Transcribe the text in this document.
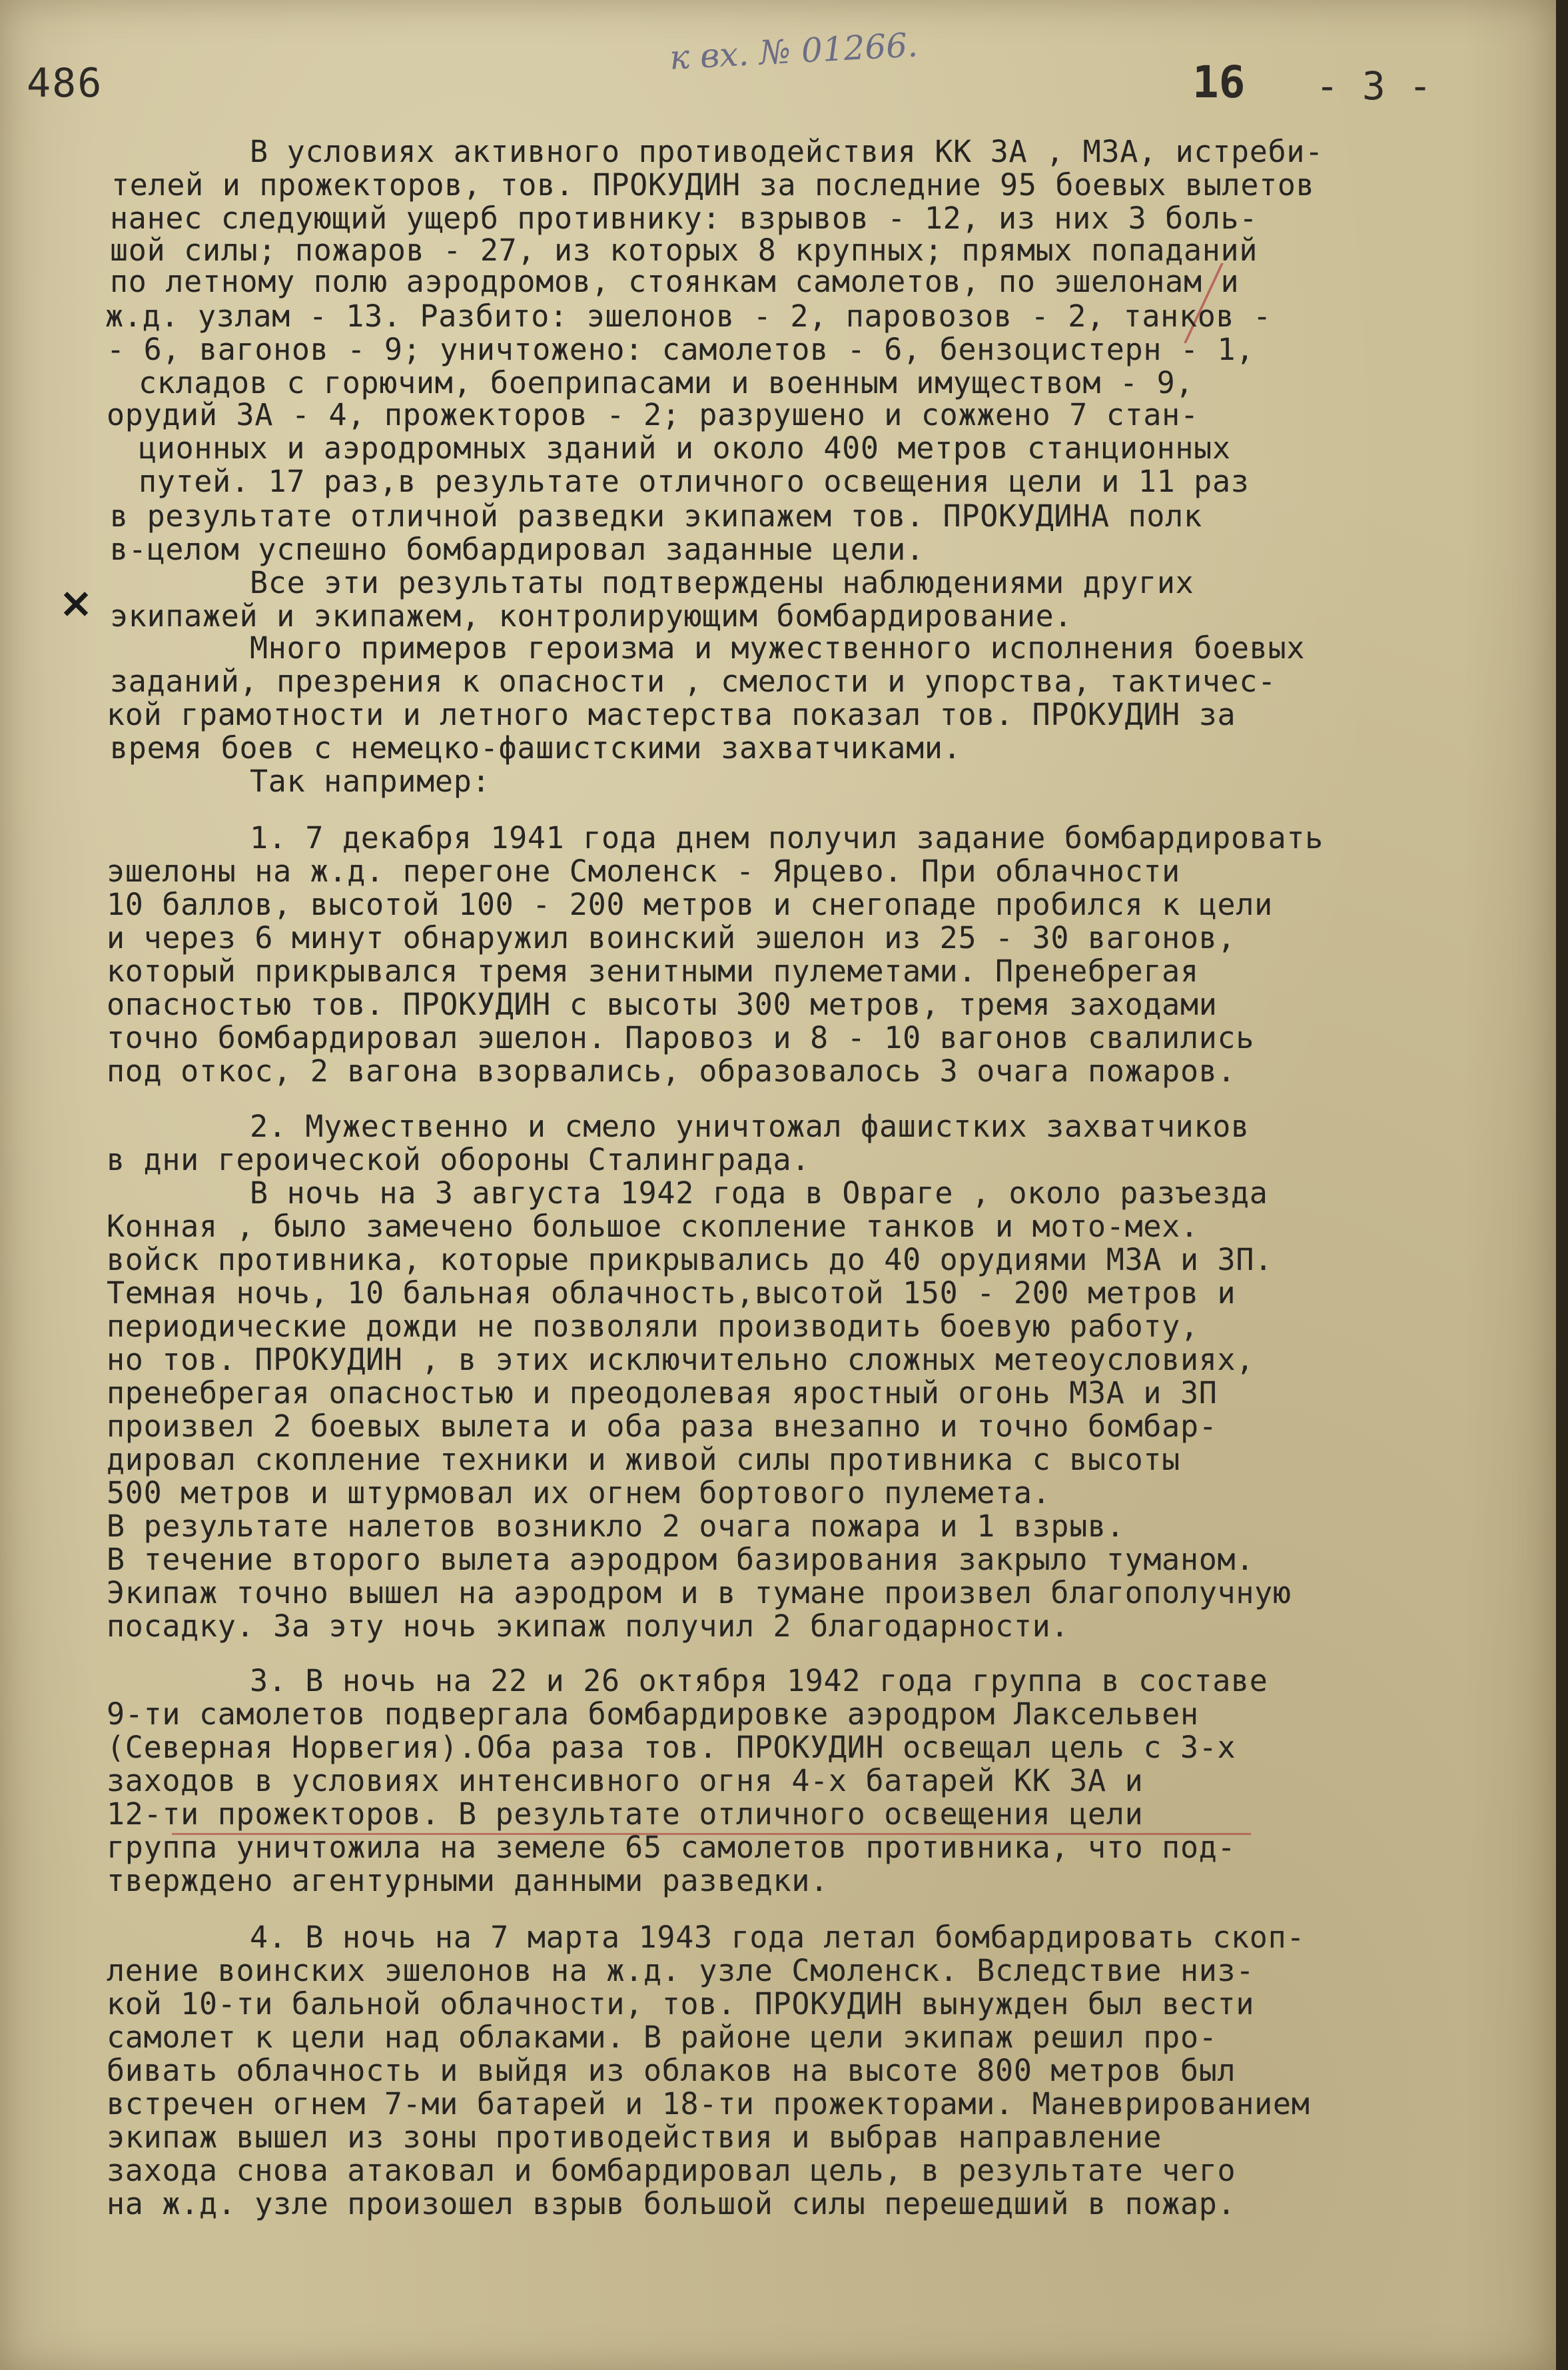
486
к вх. № 01266.
16 - 3 -
×
В условиях активного противодействия КК ЗА , МЗА, истреби-
телей и прожекторов, тов. ПРОКУДИН за последние 95 боевых вылетов
нанес следующий ущерб противнику: взрывов - 12, из них 3 боль-
шой силы; пожаров - 27, из которых 8 крупных; прямых попаданий
по летному полю аэродромов, стоянкам самолетов, по эшелонам и
ж.д. узлам - 13. Разбито: эшелонов - 2, паровозов - 2, танков -
- 6, вагонов - 9; уничтожено: самолетов - 6, бензоцистерн - 1,
складов с горючим, боеприпасами и военным имуществом - 9,
орудий ЗА - 4, прожекторов - 2; разрушено и сожжено 7 стан-
ционных и аэродромных зданий и около 400 метров станционных
путей. 17 раз,в результате отличного освещения цели и 11 раз
в результате отличной разведки экипажем тов. ПРОКУДИНА полк
в-целом успешно бомбардировал заданные цели.
Все эти результаты подтверждены наблюдениями других
экипажей и экипажем, контролирующим бомбардирование.
Много примеров героизма и мужественного исполнения боевых
заданий, презрения к опасности , смелости и упорства, тактичес-
кой грамотности и летного мастерства показал тов. ПРОКУДИН за
время боев с немецко-фашистскими захватчиками.
Так например:
1. 7 декабря 1941 года днем получил задание бомбардировать
эшелоны на ж.д. перегоне Смоленск - Ярцево. При облачности
10 баллов, высотой 100 - 200 метров и снегопаде пробился к цели
и через 6 минут обнаружил воинский эшелон из 25 - 30 вагонов,
который прикрывался тремя зенитными пулеметами. Пренебрегая
опасностью тов. ПРОКУДИН с высоты 300 метров, тремя заходами
точно бомбардировал эшелон. Паровоз и 8 - 10 вагонов свалились
под откос, 2 вагона взорвались, образовалось 3 очага пожаров.
2. Мужественно и смело уничтожал фашистких захватчиков
в дни героической обороны Сталинграда.
В ночь на 3 августа 1942 года в Овраге , около разъезда
Конная , было замечено большое скопление танков и мото-мех.
войск противника, которые прикрывались до 40 орудиями МЗА и ЗП.
Темная ночь, 10 бальная облачность,высотой 150 - 200 метров и
периодические дожди не позволяли производить боевую работу,
но тов. ПРОКУДИН , в этих исключительно сложных метеоусловиях,
пренебрегая опасностью и преодолевая яростный огонь МЗА и ЗП
произвел 2 боевых вылета и оба раза внезапно и точно бомбар-
дировал скопление техники и живой силы противника с высоты
500 метров и штурмовал их огнем бортового пулемета.
В результате налетов возникло 2 очага пожара и 1 взрыв.
В течение второго вылета аэродром базирования закрыло туманом.
Экипаж точно вышел на аэродром и в тумане произвел благополучную
посадку. За эту ночь экипаж получил 2 благодарности.
3. В ночь на 22 и 26 октября 1942 года группа в составе
9-ти самолетов подвергала бомбардировке аэродром Лаксельвен
(Северная Норвегия).Оба раза тов. ПРОКУДИН освещал цель с 3-х
заходов в условиях интенсивного огня 4-х батарей КК ЗА и
12-ти прожекторов. В результате отличного освещения цели
группа уничтожила на земеле 65 самолетов противника, что под-
тверждено агентурными данными разведки.
4. В ночь на 7 марта 1943 года летал бомбардировать скоп-
ление воинских эшелонов на ж.д. узле Смоленск. Вследствие низ-
кой 10-ти бальной облачности, тов. ПРОКУДИН вынужден был вести
самолет к цели над облаками. В районе цели экипаж решил про-
бивать облачность и выйдя из облаков на высоте 800 метров был
встречен огнем 7-ми батарей и 18-ти прожекторами. Маневрированием
экипаж вышел из зоны противодействия и выбрав направление
захода снова атаковал и бомбардировал цель, в результате чего
на ж.д. узле произошел взрыв большой силы перешедший в пожар.
